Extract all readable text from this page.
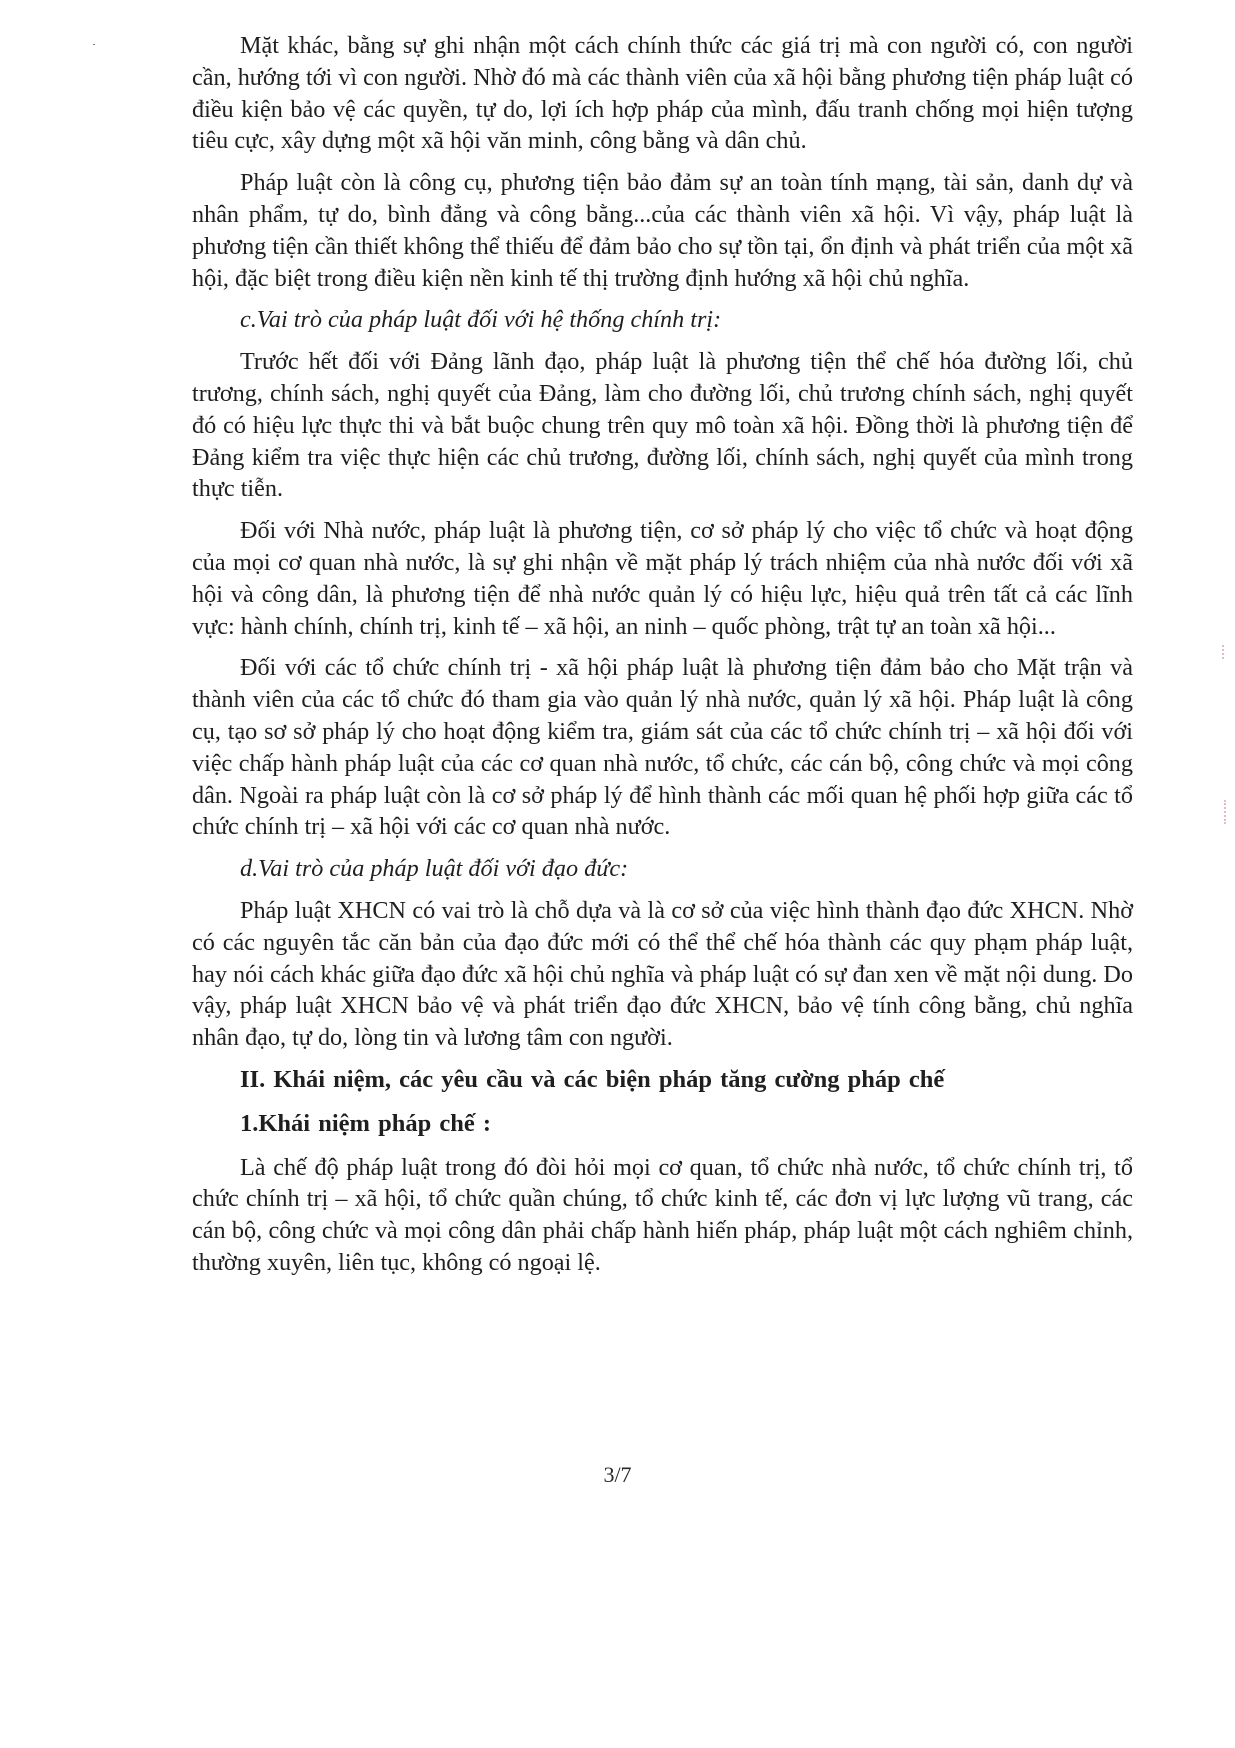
Mặt khác, bằng sự ghi nhận một cách chính thức các giá trị mà con người có, con người cần, hướng tới vì con người. Nhờ đó mà các thành viên của xã hội bằng phương tiện pháp luật có điều kiện bảo vệ các quyền, tự do, lợi ích hợp pháp của mình, đấu tranh chống mọi hiện tượng tiêu cực, xây dựng một xã hội văn minh, công bằng và dân chủ.

Pháp luật còn là công cụ, phương tiện bảo đảm sự an toàn tính mạng, tài sản, danh dự và nhân phẩm, tự do, bình đẳng và công bằng...của các thành viên xã hội. Vì vậy, pháp luật là phương tiện cần thiết không thể thiếu để đảm bảo cho sự tồn tại, ổn định và phát triển của một xã hội, đặc biệt trong điều kiện nền kinh tế thị trường định hướng xã hội chủ nghĩa.

c.Vai trò của pháp luật đối với hệ thống chính trị:

Trước hết đối với Đảng lãnh đạo, pháp luật là phương tiện thể chế hóa đường lối, chủ trương, chính sách, nghị quyết của Đảng, làm cho đường lối, chủ trương chính sách, nghị quyết đó có hiệu lực thực thi và bắt buộc chung trên quy mô toàn xã hội. Đồng thời là phương tiện để Đảng kiểm tra việc thực hiện các chủ trương, đường lối, chính sách, nghị quyết của mình trong thực tiễn.

Đối với Nhà nước, pháp luật là phương tiện, cơ sở pháp lý cho việc tổ chức và hoạt động của mọi cơ quan nhà nước, là sự ghi nhận về mặt pháp lý trách nhiệm của nhà nước đối với xã hội và công dân, là phương tiện để nhà nước quản lý có hiệu lực, hiệu quả trên tất cả các lĩnh vực: hành chính, chính trị, kinh tế – xã hội, an ninh – quốc phòng, trật tự an toàn xã hội...

Đối với các tổ chức chính trị - xã hội pháp luật là phương tiện đảm bảo cho Mặt trận và thành viên của các tổ chức đó tham gia vào quản lý nhà nước, quản lý xã hội. Pháp luật là công cụ, tạo sơ sở pháp lý cho hoạt động kiểm tra, giám sát của các tổ chức chính trị – xã hội đối với việc chấp hành pháp luật của các cơ quan nhà nước, tổ chức, các cán bộ, công chức và mọi công dân. Ngoài ra pháp luật còn là cơ sở pháp lý để hình thành các mối quan hệ phối hợp giữa các tổ chức chính trị – xã hội với các cơ quan nhà nước.

d.Vai trò của pháp luật đối với đạo đức:

Pháp luật XHCN có vai trò là chỗ dựa và là cơ sở của việc hình thành đạo đức XHCN. Nhờ có các nguyên tắc căn bản của đạo đức mới có thể thể chế hóa thành các quy phạm pháp luật, hay nói cách khác giữa đạo đức xã hội chủ nghĩa và pháp luật có sự đan xen về mặt nội dung. Do vậy, pháp luật XHCN bảo vệ và phát triển đạo đức XHCN, bảo vệ tính công bằng, chủ nghĩa nhân đạo, tự do, lòng tin và lương tâm con người.

II. Khái niệm, các yêu cầu và các biện pháp tăng cường pháp chế

1.Khái niệm pháp chế :

Là chế độ pháp luật trong đó đòi hỏi mọi cơ quan, tổ chức nhà nước, tổ chức chính trị, tổ chức chính trị – xã hội, tổ chức quần chúng, tổ chức kinh tế, các đơn vị lực lượng vũ trang, các cán bộ, công chức và mọi công dân phải chấp hành hiến pháp, pháp luật một cách nghiêm chỉnh, thường xuyên, liên tục, không có ngoại lệ.

3/7
